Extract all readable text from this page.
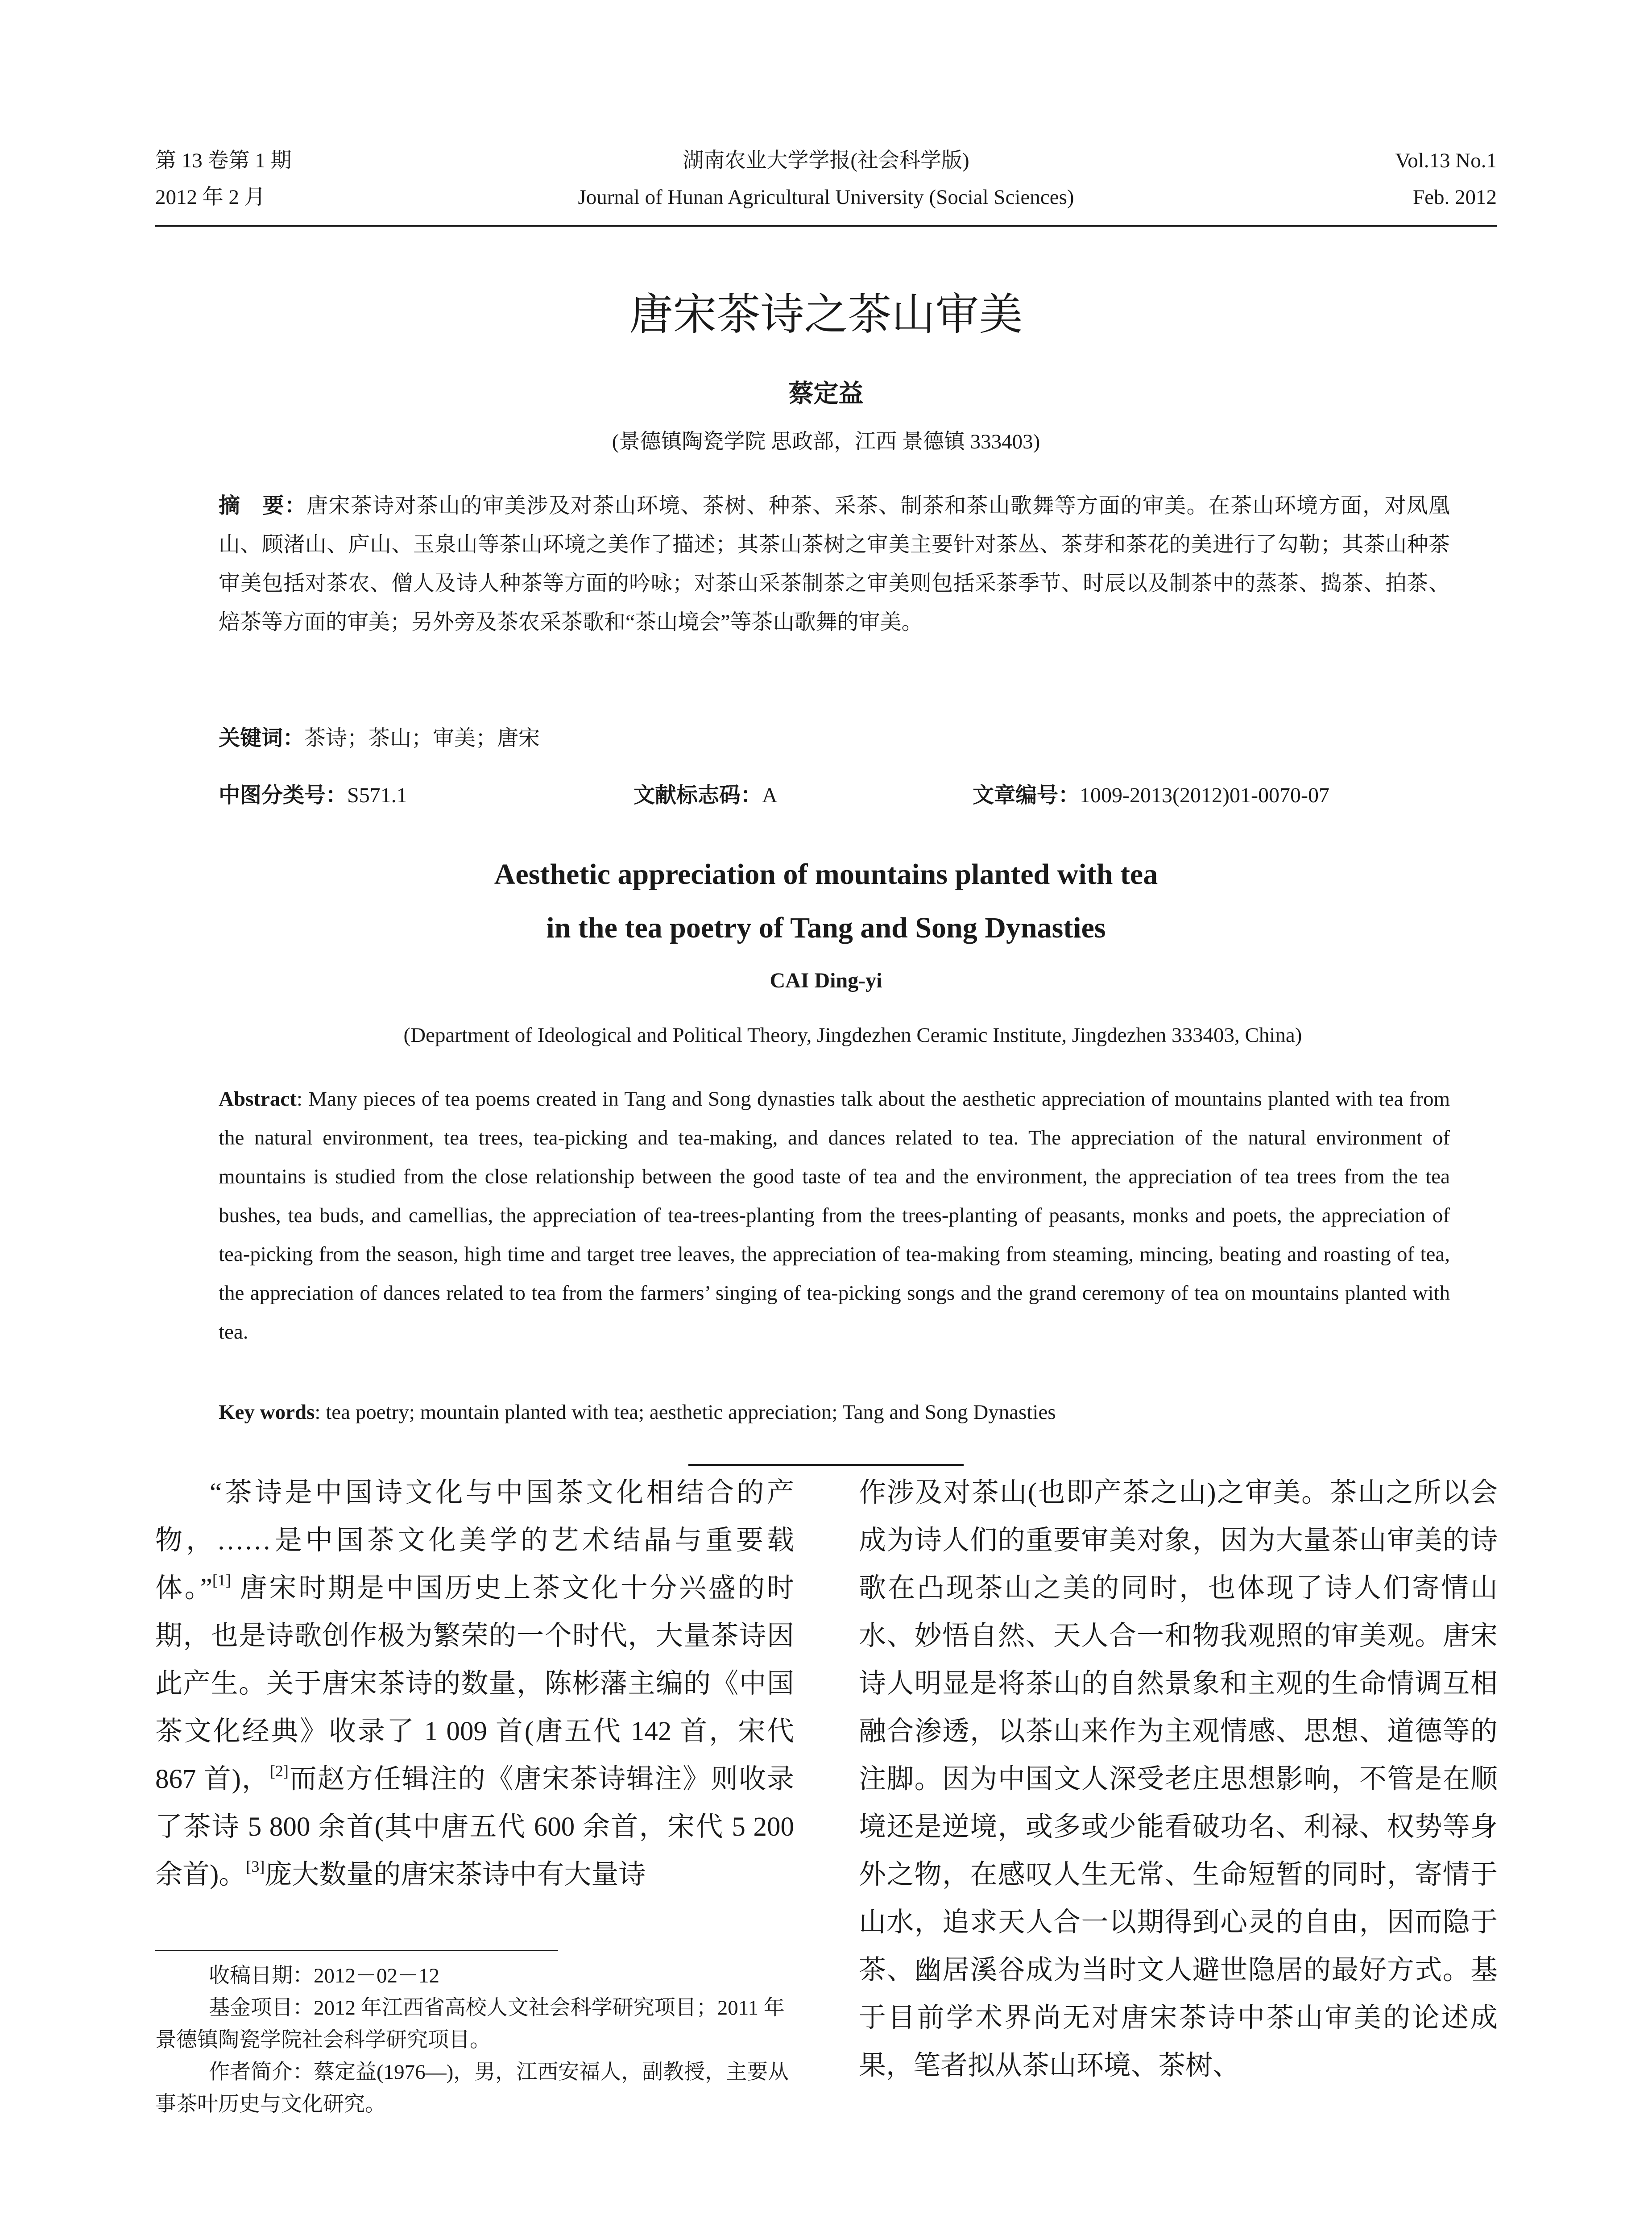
第 13 卷第 1 期
2012 年 2 月
湖南农业大学学报(社会科学版)
Journal of Hunan Agricultural University (Social Sciences)
Vol.13 No.1
Feb. 2012
唐宋茶诗之茶山审美
蔡定益
(景德镇陶瓷学院 思政部，江西 景德镇 333403)
摘　要：唐宋茶诗对茶山的审美涉及对茶山环境、茶树、种茶、采茶、制茶和茶山歌舞等方面的审美。在茶山环境方面，对凤凰山、顾渚山、庐山、玉泉山等茶山环境之美作了描述；其茶山茶树之审美主要针对茶丛、茶芽和茶花的美进行了勾勒；其茶山种茶审美包括对茶农、僧人及诗人种茶等方面的吟咏；对茶山采茶制茶之审美则包括采茶季节、时辰以及制茶中的蒸茶、捣茶、拍茶、焙茶等方面的审美；另外旁及茶农采茶歌和“茶山境会”等茶山歌舞的审美。
关键词：茶诗；茶山；审美；唐宋
中图分类号：S571.1	文献标志码：A	文章编号：1009-2013(2012)01-0070-07
Aesthetic appreciation of mountains planted with tea
in the tea poetry of Tang and Song Dynasties
CAI Ding-yi
(Department of Ideological and Political Theory, Jingdezhen Ceramic Institute, Jingdezhen 333403, China)
Abstract: Many pieces of tea poems created in Tang and Song dynasties talk about the aesthetic appreciation of mountains planted with tea from the natural environment, tea trees, tea-picking and tea-making, and dances related to tea. The appreciation of the natural environment of mountains is studied from the close relationship between the good taste of tea and the environment, the appreciation of tea trees from the tea bushes, tea buds, and camellias, the appreciation of tea-trees-planting from the trees-planting of peasants, monks and poets, the appreciation of tea-picking from the season, high time and target tree leaves, the appreciation of tea-making from steaming, mincing, beating and roasting of tea, the appreciation of dances related to tea from the farmers’ singing of tea-picking songs and the grand ceremony of tea on mountains planted with tea.
Key words: tea poetry; mountain planted with tea; aesthetic appreciation; Tang and Song Dynasties

“茶诗是中国诗文化与中国茶文化相结合的产物，……是中国茶文化美学的艺术结晶与重要载体。”[1] 唐宋时期是中国历史上茶文化十分兴盛的时期，也是诗歌创作极为繁荣的一个时代，大量茶诗因此产生。关于唐宋茶诗的数量，陈彬藩主编的《中国茶文化经典》收录了 1 009 首(唐五代 142 首，宋代 867 首)，[2]而赵方任辑注的《唐宋茶诗辑注》则收录了茶诗 5 800 余首(其中唐五代 600 余首，宋代 5 200 余首)。[3]庞大数量的唐宋茶诗中有大量诗

作涉及对茶山(也即产茶之山)之审美。茶山之所以会成为诗人们的重要审美对象，因为大量茶山审美的诗歌在凸现茶山之美的同时，也体现了诗人们寄情山水、妙悟自然、天人合一和物我观照的审美观。唐宋诗人明显是将茶山的自然景象和主观的生命情调互相融合渗透，以茶山来作为主观情感、思想、道德等的注脚。因为中国文人深受老庄思想影响，不管是在顺境还是逆境，或多或少能看破功名、利禄、权势等身外之物，在感叹人生无常、生命短暂的同时，寄情于山水，追求天人合一以期得到心灵的自由，因而隐于茶、幽居溪谷成为当时文人避世隐居的最好方式。基于目前学术界尚无对唐宋茶诗中茶山审美的论述成果，笔者拟从茶山环境、茶树、

收稿日期：2012－02－12

基金项目：2012 年江西省高校人文社会科学研究项目；2011 年景德镇陶瓷学院社会科学研究项目。

作者简介：蔡定益(1976—)，男，江西安福人，副教授，主要从事茶叶历史与文化研究。
